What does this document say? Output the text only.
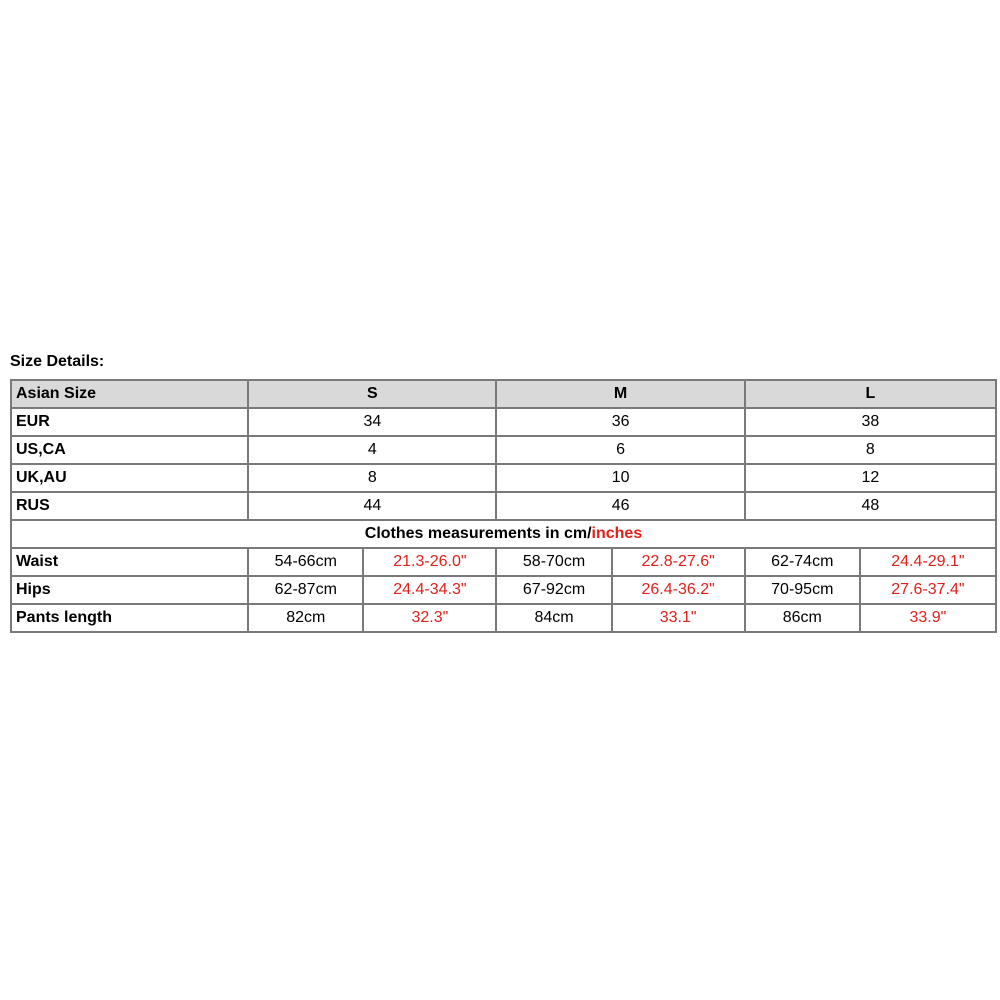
Size Details:
Asian Size	S		M		L	
EUR	34		36		38	
US,CA	4		6		8	
UK,AU	8		10		12	
RUS	44		46		48	
Clothes measurements in cm/inches						
Waist	54-66cm	21.3-26.0"	58-70cm	22.8-27.6"	62-74cm	24.4-29.1"
Hips	62-87cm	24.4-34.3"	67-92cm	26.4-36.2"	70-95cm	27.6-37.4"
Pants length	82cm	32.3"	84cm	33.1"	86cm	33.9"
